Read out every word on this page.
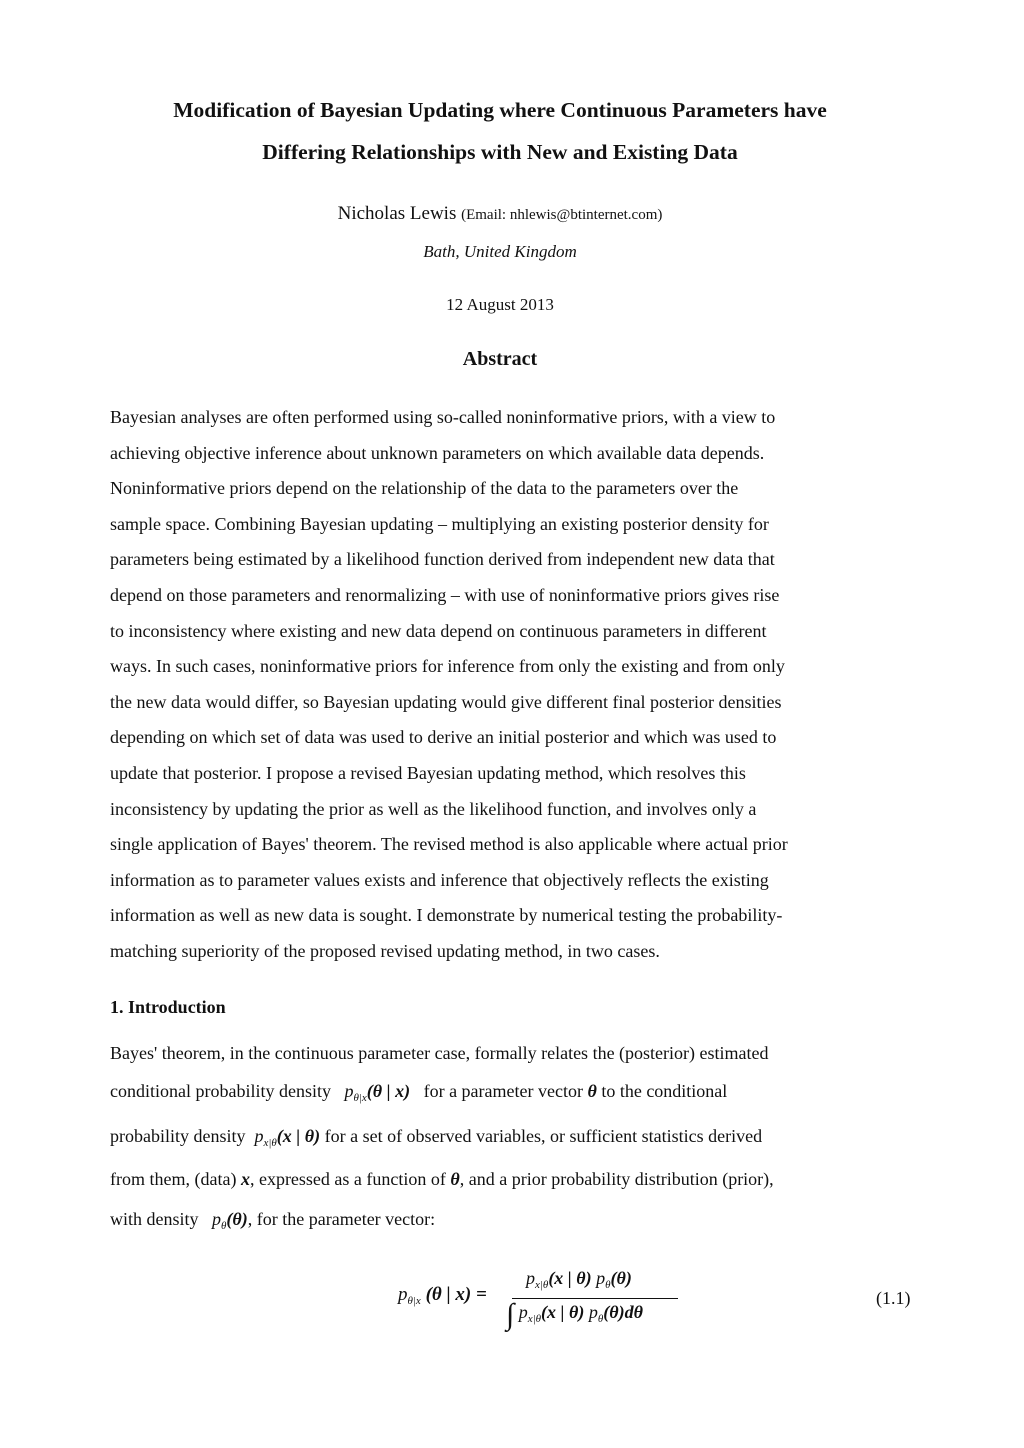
Modification of Bayesian Updating where Continuous Parameters have
Differing Relationships with New and Existing Data
Nicholas Lewis (Email: nhlewis@btinternet.com)
Bath, United Kingdom
12 August 2013
Abstract
Bayesian analyses are often performed using so-called noninformative priors, with a view to
achieving objective inference about unknown parameters on which available data depends.
Noninformative priors depend on the relationship of the data to the parameters over the
sample space. Combining Bayesian updating – multiplying an existing posterior density for
parameters being estimated by a likelihood function derived from independent new data that
depend on those parameters and renormalizing – with use of noninformative priors gives rise
to inconsistency where existing and new data depend on continuous parameters in different
ways. In such cases, noninformative priors for inference from only the existing and from only
the new data would differ, so Bayesian updating would give different final posterior densities
depending on which set of data was used to derive an initial posterior and which was used to
update that posterior. I propose a revised Bayesian updating method, which resolves this
inconsistency by updating the prior as well as the likelihood function, and involves only a
single application of Bayes' theorem. The revised method is also applicable where actual prior
information as to parameter values exists and inference that objectively reflects the existing
information as well as new data is sought. I demonstrate by numerical testing the probability-
matching superiority of the proposed revised updating method, in two cases.
1. Introduction
Bayes' theorem, in the continuous parameter case, formally relates the (posterior) estimated
conditional probability density $p_{\theta|x}(\theta$ | x) for a parameter vector θ to the conditional
probability density $p_{x|\theta}(x$ | θ) for a set of observed variables, or sufficient statistics derived
from them, (data) x, expressed as a function of θ, and a prior probability distribution (prior),
with density $p_\theta(\theta)$, for the parameter vector:
$p_{\theta|x}$ (θ | x) =
$p_{x|\theta}(x$ | θ) $p_\theta(\theta)$
∫ $p_{x|\theta}(x$ | θ) $p_\theta(\theta)d\theta$
(1.1)
